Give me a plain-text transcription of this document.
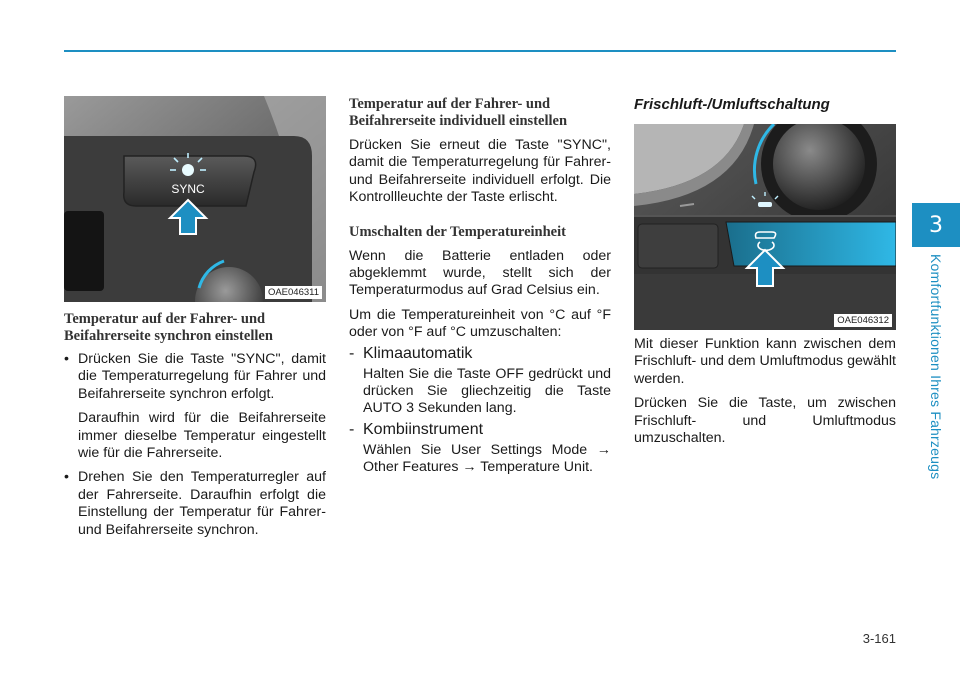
3
Komfortfunktionen Ihres Fahrzeugs
SYNC
OAE046311
Temperatur auf der Fahrer- und Beifahrerseite synchron einstellen
• Drücken Sie die Taste "SYNC", damit die Temperaturregelung für Fahrer und Beifahrerseite synchron erfolgt.

Daraufhin wird für die Beifahrerseite immer dieselbe Temperatur eingestellt wie für die Fahrerseite.

• Drehen Sie den Temperaturregler auf der Fahrerseite. Daraufhin erfolgt die Einstellung der Temperatur für Fahrer- und Beifahrerseite synchron.
Temperatur auf der Fahrer- und Beifahrerseite individuell einstellen

Drücken Sie erneut die Taste "SYNC", damit die Temperaturregelung für Fahrer- und Beifahrerseite individuell erfolgt. Die Kontrollleuchte der Taste erlischt.

Umschalten der Temperatureinheit

Wenn die Batterie entladen oder abgeklemmt wurde, stellt sich der Temperaturmodus auf Grad Celsius ein.

Um die Temperatureinheit von °C auf °F oder von °F auf °C umzuschalten:

- Klimaautomatik

Halten Sie die Taste OFF gedrückt und drücken Sie gliechzeitig die Taste AUTO 3 Sekunden lang.

- Kombiinstrument

Wählen Sie User Settings Mode → Other Features → Temperature Unit.

Frischluft-/Umluftschaltung
OAE046312

Mit dieser Funktion kann zwischen dem Frischluft- und dem Umluftmodus gewählt werden.

Drücken Sie die Taste, um zwischen Frischluft- und Umluftmodus umzuschalten.

3-161
